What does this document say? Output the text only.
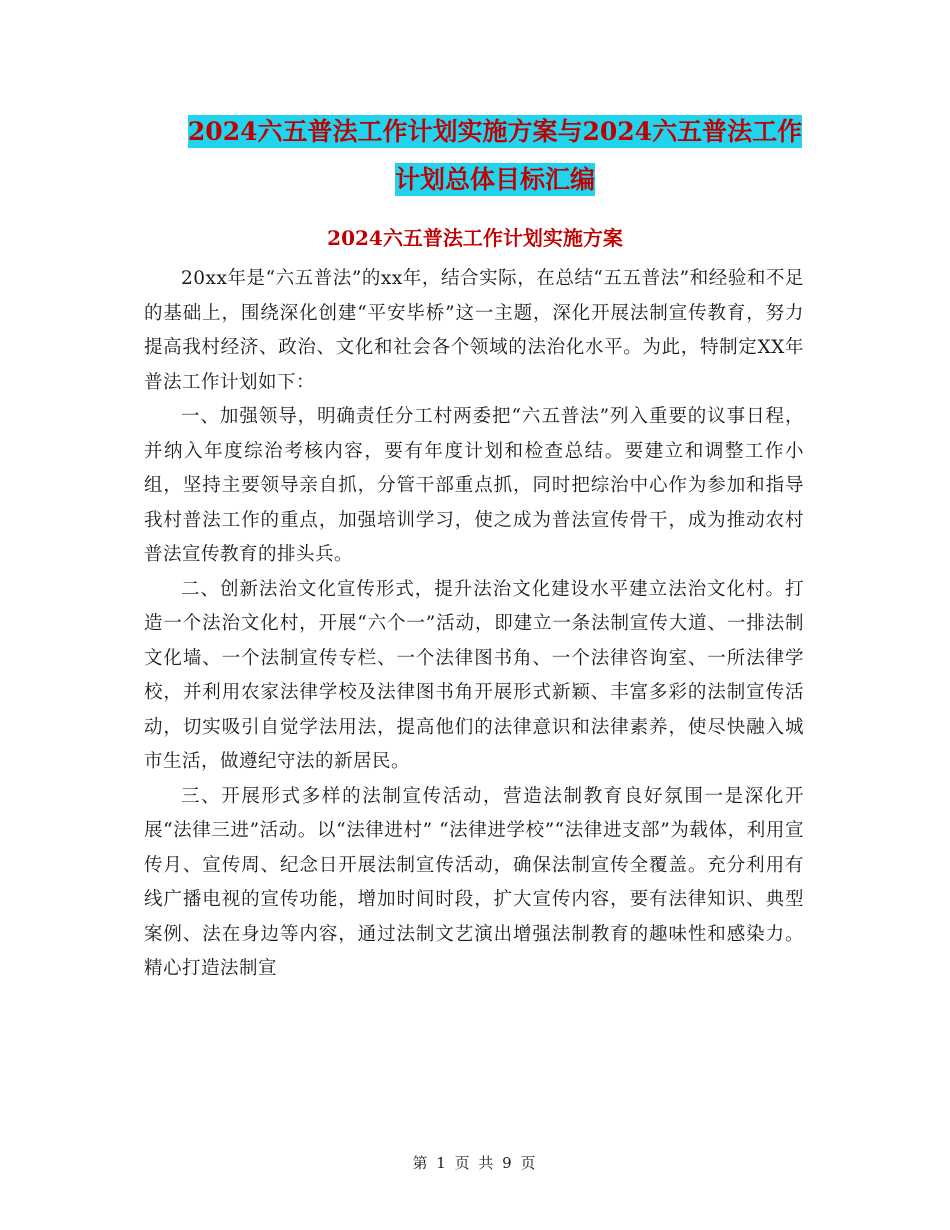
2024六五普法工作计划实施方案与2024六五普法工作
计划总体目标汇编
2024六五普法工作计划实施方案

20xx年是“六五普法”的xx年，结合实际，在总结“五五普法”和经验和不足的基础上，围绕深化创建“平安毕桥”这一主题，深化开展法制宣传教育，努力提高我村经济、政治、文化和社会各个领域的法治化水平。为此，特制定XX年普法工作计划如下：

一、加强领导，明确责任分工村两委把“六五普法”列入重要的议事日程，并纳入年度综治考核内容，要有年度计划和检查总结。要建立和调整工作小组，坚持主要领导亲自抓，分管干部重点抓，同时把综治中心作为参加和指导我村普法工作的重点，加强培训学习，使之成为普法宣传骨干，成为推动农村普法宣传教育的排头兵。

二、创新法治文化宣传形式，提升法治文化建设水平建立法治文化村。打造一个法治文化村，开展“六个一”活动，即建立一条法制宣传大道、一排法制文化墙、一个法制宣传专栏、一个法律图书角、一个法律咨询室、一所法律学校，并利用农家法律学校及法律图书角开展形式新颖、丰富多彩的法制宣传活动，切实吸引自觉学法用法，提高他们的法律意识和法律素养，使尽快融入城市生活，做遵纪守法的新居民。

三、开展形式多样的法制宣传活动，营造法制教育良好氛围一是深化开展“法律三进”活动。以“法律进村” “法律进学校”“法律进支部”为载体，利用宣传月、宣传周、纪念日开展法制宣传活动，确保法制宣传全覆盖。充分利用有线广播电视的宣传功能，增加时间时段，扩大宣传内容，要有法律知识、典型案例、法在身边等内容，通过法制文艺演出增强法制教育的趣味性和感染力。精心打造法制宣

第 1 页 共 9 页
